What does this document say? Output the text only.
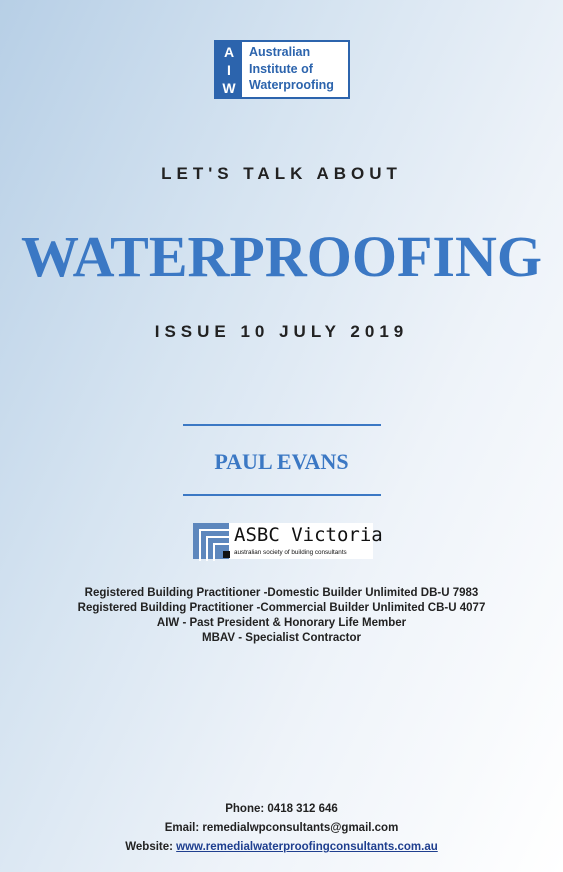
A
I
W
Australian
Institute of
Waterproofing
LET'S TALK ABOUT
WATERPROOFING
ISSUE 10 JULY 2019
PAUL EVANS
ASBC Victoria
australian society of building consultants
Registered Building Practitioner -Domestic Builder Unlimited DB-U 7983
Registered Building Practitioner -Commercial Builder Unlimited CB-U 4077
AIW - Past President & Honorary Life Member
MBAV - Specialist Contractor
Phone: 0418 312 646
Email: remedialwpconsultants@gmail.com
Website: www.remedialwaterproofingconsultants.com.au
